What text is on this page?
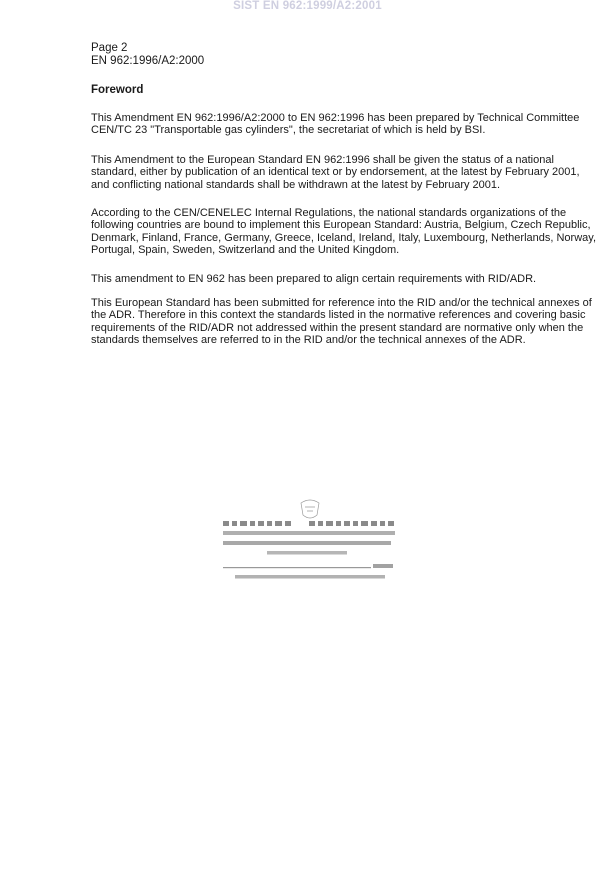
SIST EN 962:1999/A2:2001
Page 2
EN 962:1996/A2:2000
Foreword

This Amendment EN 962:1996/A2:2000 to EN 962:1996 has been prepared by Technical Committee CEN/TC 23 "Transportable gas cylinders", the secretariat of which is held by BSI.

This Amendment to the European Standard EN 962:1996 shall be given the status of a national standard, either by publication of an identical text or by endorsement, at the latest by February 2001, and conflicting national standards shall be withdrawn at the latest by February 2001.

According to the CEN/CENELEC Internal Regulations, the national standards organizations of the following countries are bound to implement this European Standard: Austria, Belgium, Czech Republic, Denmark, Finland, France, Germany, Greece, Iceland, Ireland, Italy, Luxembourg, Netherlands, Norway, Portugal, Spain, Sweden, Switzerland and the United Kingdom.

This amendment to EN 962 has been prepared to align certain requirements with RID/ADR.

This European Standard has been submitted for reference into the RID and/or the technical annexes of the ADR. Therefore in this context the standards listed in the normative references and covering basic requirements of the RID/ADR not addressed within the present standard are normative only when the standards themselves are referred to in the RID and/or the technical annexes of the ADR.
